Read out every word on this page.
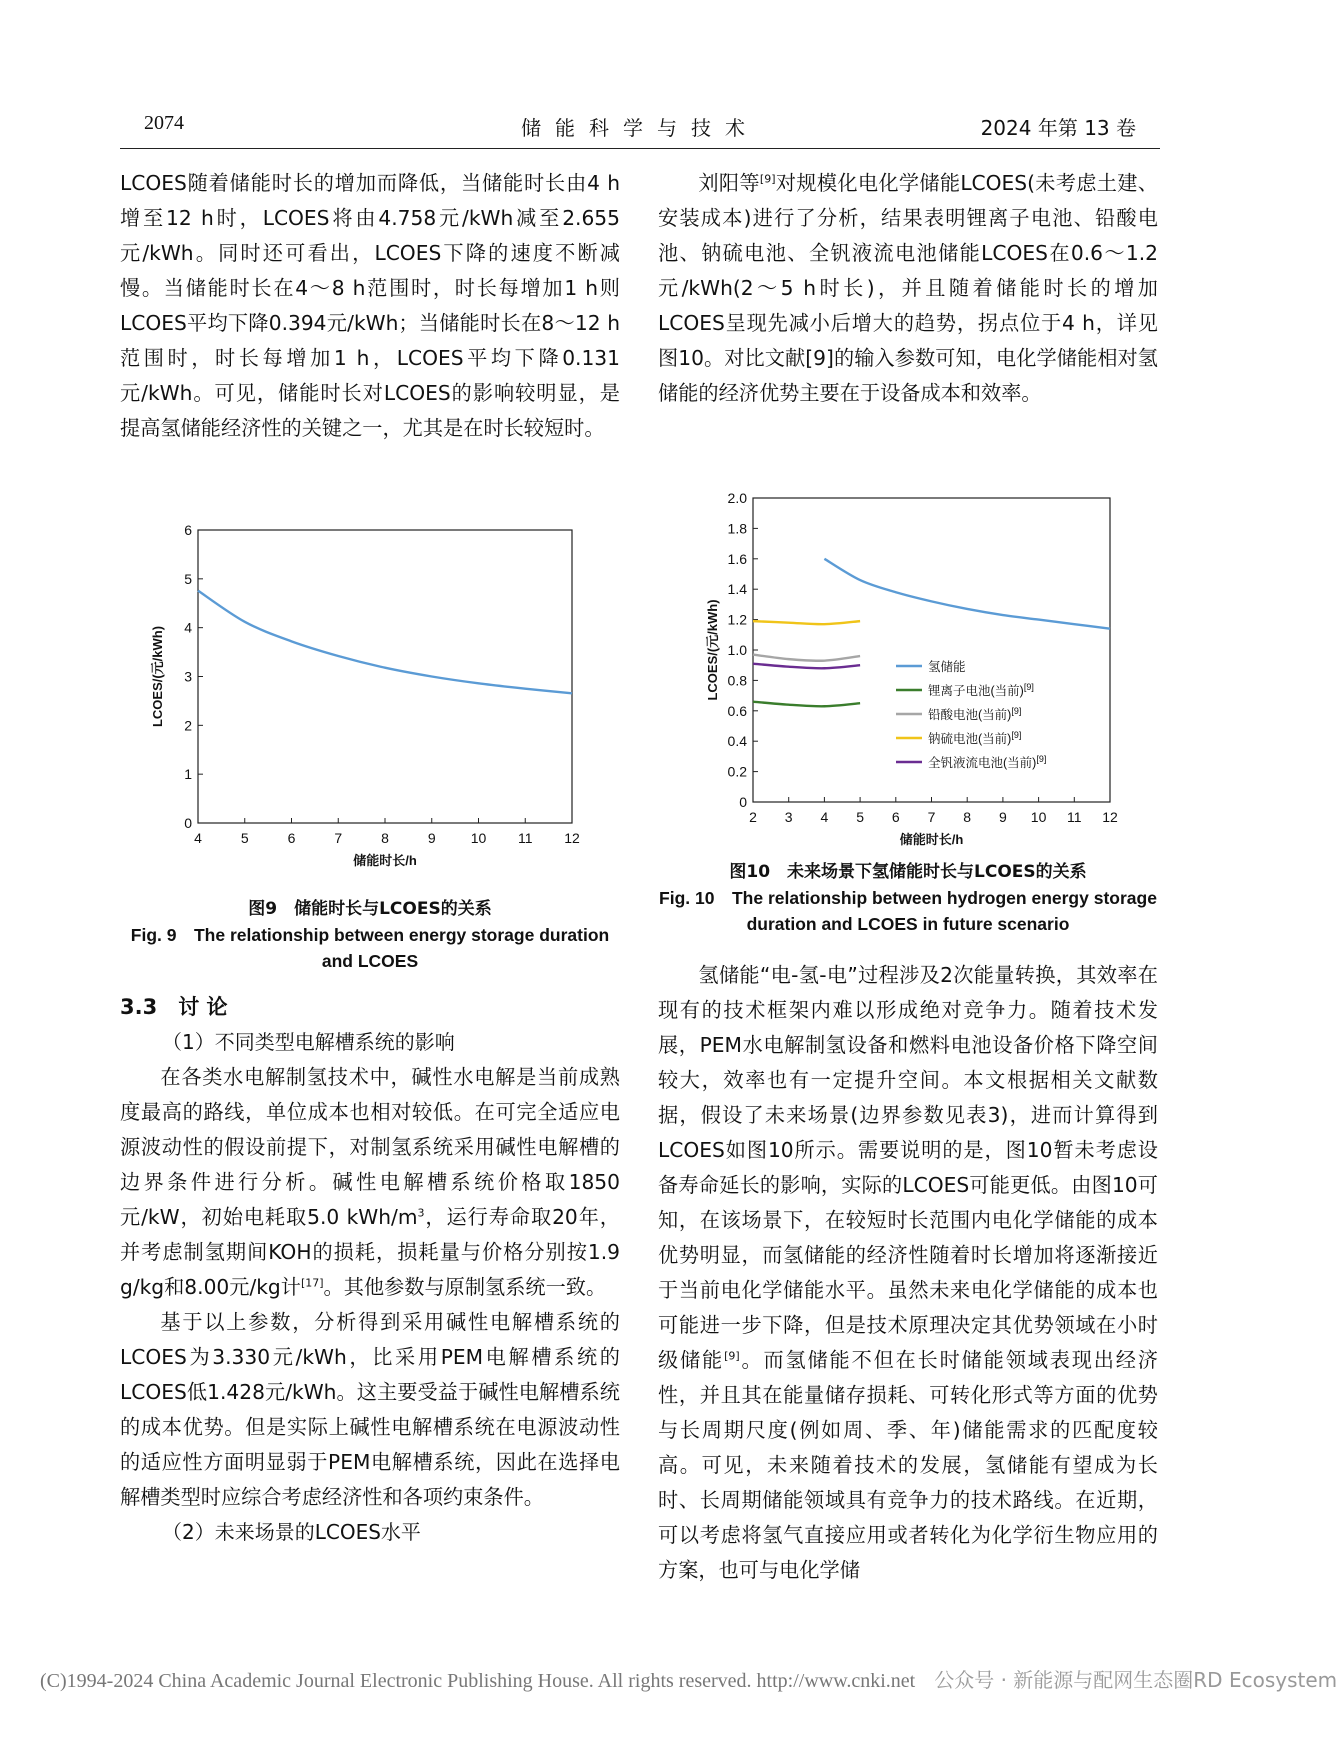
2074	储能科学与技术	2024 年第 13 卷

LCOES随着储能时长的增加而降低，当储能时长由4 h增至12 h时，LCOES将由4.758元/kWh减至2.655元/kWh。同时还可看出，LCOES下降的速度不断减慢。当储能时长在4～8 h范围时，时长每增加1 h则LCOES平均下降0.394元/kWh；当储能时长在8～12 h范围时，时长每增加1 h，LCOES平均下降0.131元/kWh。可见，储能时长对LCOES的影响较明显，是提高氢储能经济性的关键之一，尤其是在时长较短时。

4	5	6	7	8	9	10 11 12
0
1
2
3
4
5
6
储能时长/h
LCOES/(元/kWh)

图9　储能时长与LCOES的关系

Fig. 9　The relationship between energy storage duration and LCOES

3.3　讨 论

（1）不同类型电解槽系统的影响

在各类水电解制氢技术中，碱性水电解是当前成熟度最高的路线，单位成本也相对较低。在可完全适应电源波动性的假设前提下，对制氢系统采用碱性电解槽的边界条件进行分析。碱性电解槽系统价格取1850元/kW，初始电耗取5.0 kWh/$m^3$，运行寿命取20年，并考虑制氢期间KOH的损耗，损耗量与价格分别按1.9 g/kg和8.00元/kg计[17]。其他参数与原制氢系统一致。

基于以上参数，分析得到采用碱性电解槽系统的LCOES为3.330元/kWh，比采用PEM电解槽系统的LCOES低1.428元/kWh。这主要受益于碱性电解槽系统的成本优势。但是实际上碱性电解槽系统在电源波动性的适应性方面明显弱于PEM电解槽系统，因此在选择电解槽类型时应综合考虑经济性和各项约束条件。

（2）未来场景的LCOES水平

刘阳等[9]对规模化电化学储能LCOES(未考虑土建、安装成本)进行了分析，结果表明锂离子电池、铅酸电池、钠硫电池、全钒液流电池储能LCOES在0.6～1.2元/kWh(2～5 h时长)，并且随着储能时长的增加LCOES呈现先减小后增大的趋势，拐点位于4 h，详见图10。对比文献[9]的输入参数可知，电化学储能相对氢储能的经济优势主要在于设备成本和效率。

2 3 4 5 6 7 8 9 10 11 12
0
0.2
0.4
0.6
0.8
1.0
1.2
1.4
1.6
1.8
2.0
储能时长/h
LCOES/(元/kWh)	氢储能
锂离子电池(当前)[9]
铅酸电池(当前)[9]
钠硫电池(当前)[9]
全钒液流电池(当前)[9]

图10　未来场景下氢储能时长与LCOES的关系

Fig. 10　The relationship between hydrogen energy storage duration and LCOES in future scenario

氢储能“电-氢-电”过程涉及2次能量转换，其效率在现有的技术框架内难以形成绝对竞争力。随着技术发展，PEM水电解制氢设备和燃料电池设备价格下降空间较大，效率也有一定提升空间。本文根据相关文献数据，假设了未来场景(边界参数见表3)，进而计算得到LCOES如图10所示。需要说明的是，图10暂未考虑设备寿命延长的影响，实际的LCOES可能更低。由图10可知，在该场景下，在较短时长范围内电化学储能的成本优势明显，而氢储能的经济性随着时长增加将逐渐接近于当前电化学储能水平。虽然未来电化学储能的成本也可能进一步下降，但是技术原理决定其优势领域在小时级储能[9]。而氢储能不但在长时储能领域表现出经济性，并且其在能量储存损耗、可转化形式等方面的优势与长周期尺度(例如周、季、年)储能需求的匹配度较高。可见，未来随着技术的发展，氢储能有望成为长时、长周期储能领域具有竞争力的技术路线。在近期，可以考虑将氢气直接应用或者转化为化学衍生物应用的方案，也可与电化学储

(C)1994-2024 China Academic Journal Electronic Publishing House. All rights reserved. http://www.cnki.net 公众号 · 新能源与配网生态圈RD Ecosystem
